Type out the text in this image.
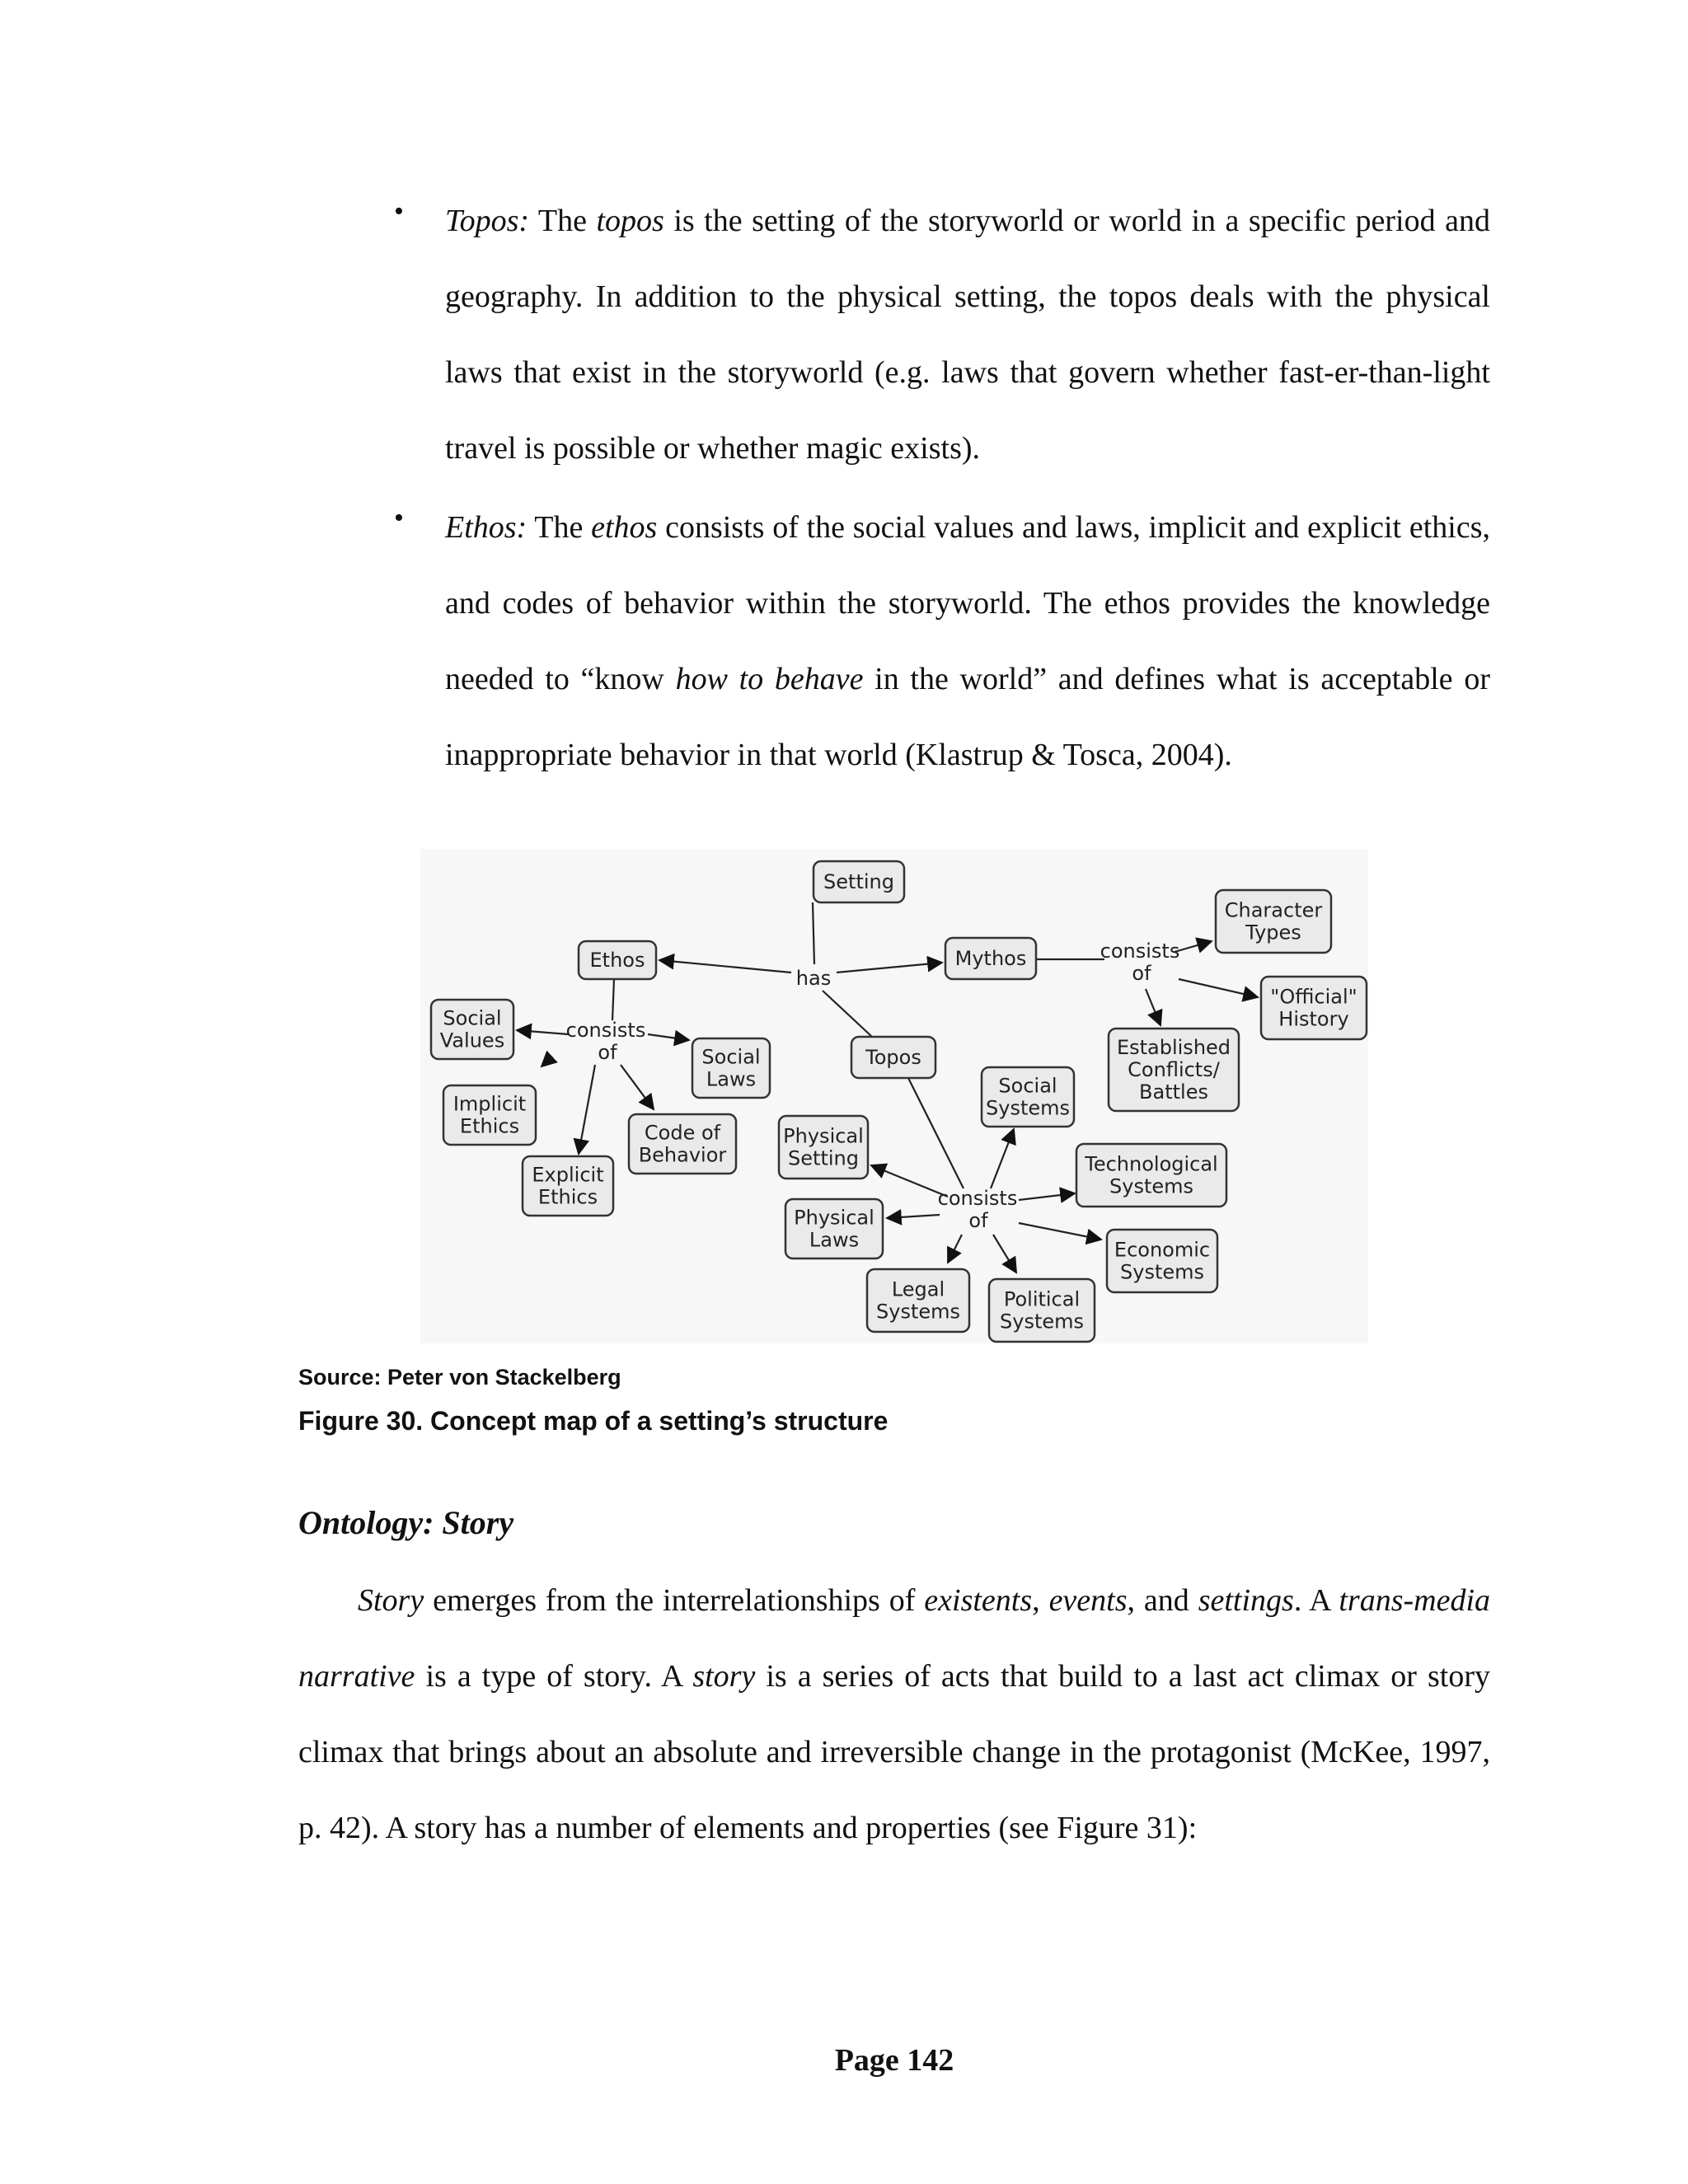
• Topos: The topos is the setting of the storyworld or world in a specific period and geography. In addition to the physical setting, the topos deals with the physical laws that exist in the storyworld (e.g. laws that govern whether fast-er-than-light travel is possible or whether magic exists).
• Ethos: The ethos consists of the social values and laws, implicit and explicit ethics, and codes of behavior within the storyworld. The ethos provides the knowledge needed to “know how to behave in the world” and defines what is acceptable or inappropriate behavior in that world (Klastrup & Tosca, 2004).
Setting
Ethos	Mythos
Topos
Social
Values
Implicit
Ethics
Explicit
Ethics
Social
Laws
Code of
Behavior
Character
Types
"Official"
History
Established
Conflicts/
Battles
Social
Systems
Technological
Systems
Economic
Systems
Political
Systems
Legal
Systems
Physical
Laws
Physical
Setting
has
consists
of
consists
of
consists
of
Source: Peter von Stackelberg
Figure 30. Concept map of a setting’s structure
Ontology: Story
Story emerges from the interrelationships of existents, events, and settings. A trans-media narrative is a type of story. A story is a series of acts that build to a last act climax or story climax that brings about an absolute and irreversible change in the protagonist (McKee, 1997, p. 42). A story has a number of elements and properties (see Figure 31):
Page 142
